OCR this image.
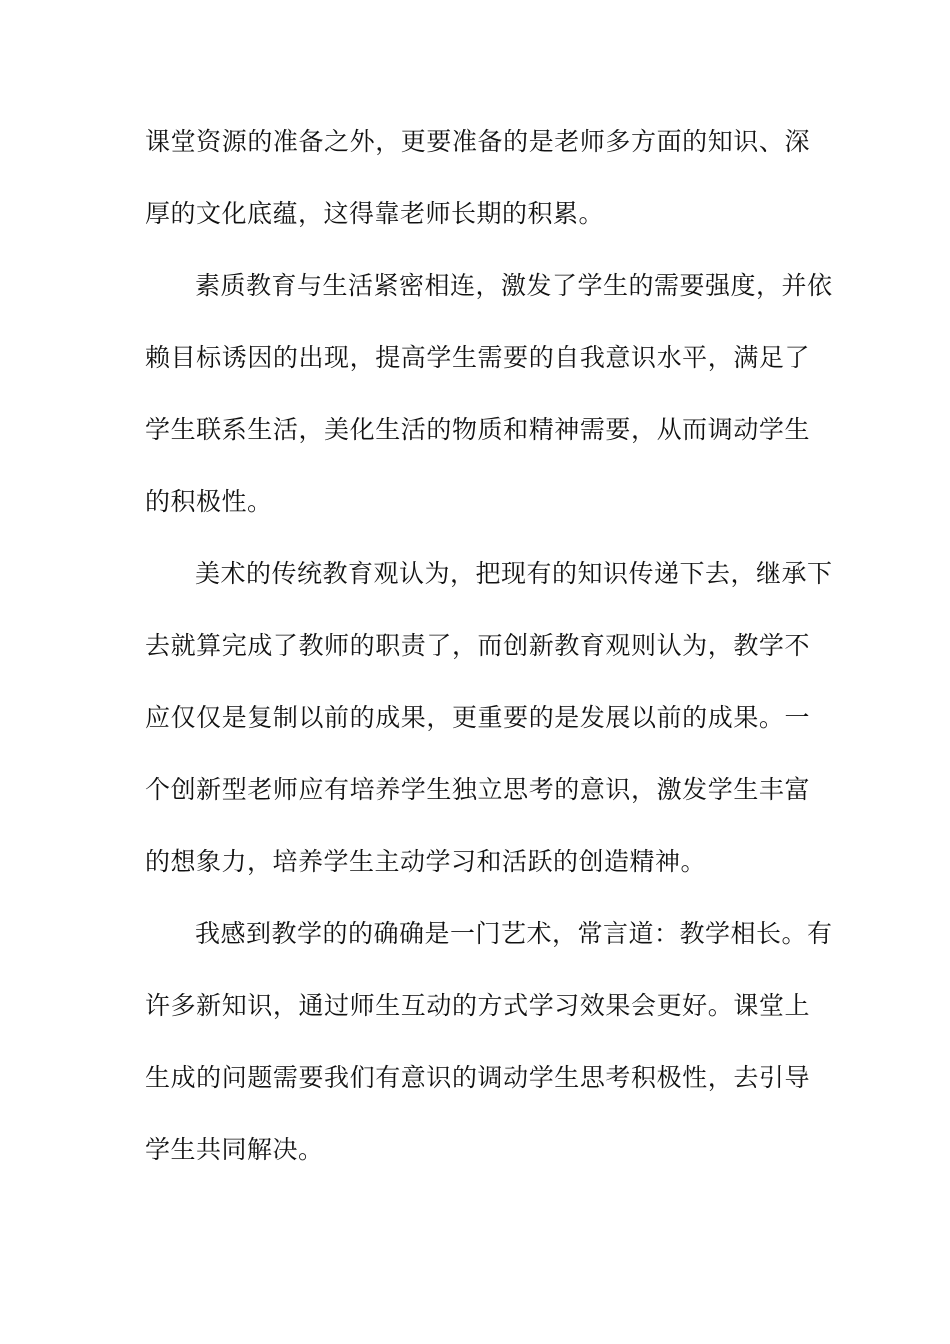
课堂资源的准备之外，更要准备的是老师多方面的知识、深
厚的文化底蕴，这得靠老师长期的积累。
素质教育与生活紧密相连，激发了学生的需要强度，并依
赖目标诱因的出现，提高学生需要的自我意识水平，满足了
学生联系生活，美化生活的物质和精神需要，从而调动学生
的积极性。
美术的传统教育观认为，把现有的知识传递下去，继承下
去就算完成了教师的职责了，而创新教育观则认为，教学不
应仅仅是复制以前的成果，更重要的是发展以前的成果。一
个创新型老师应有培养学生独立思考的意识，激发学生丰富
的想象力，培养学生主动学习和活跃的创造精神。
我感到教学的的确确是一门艺术，常言道：教学相长。有
许多新知识，通过师生互动的方式学习效果会更好。课堂上
生成的问题需要我们有意识的调动学生思考积极性，去引导
学生共同解决。
